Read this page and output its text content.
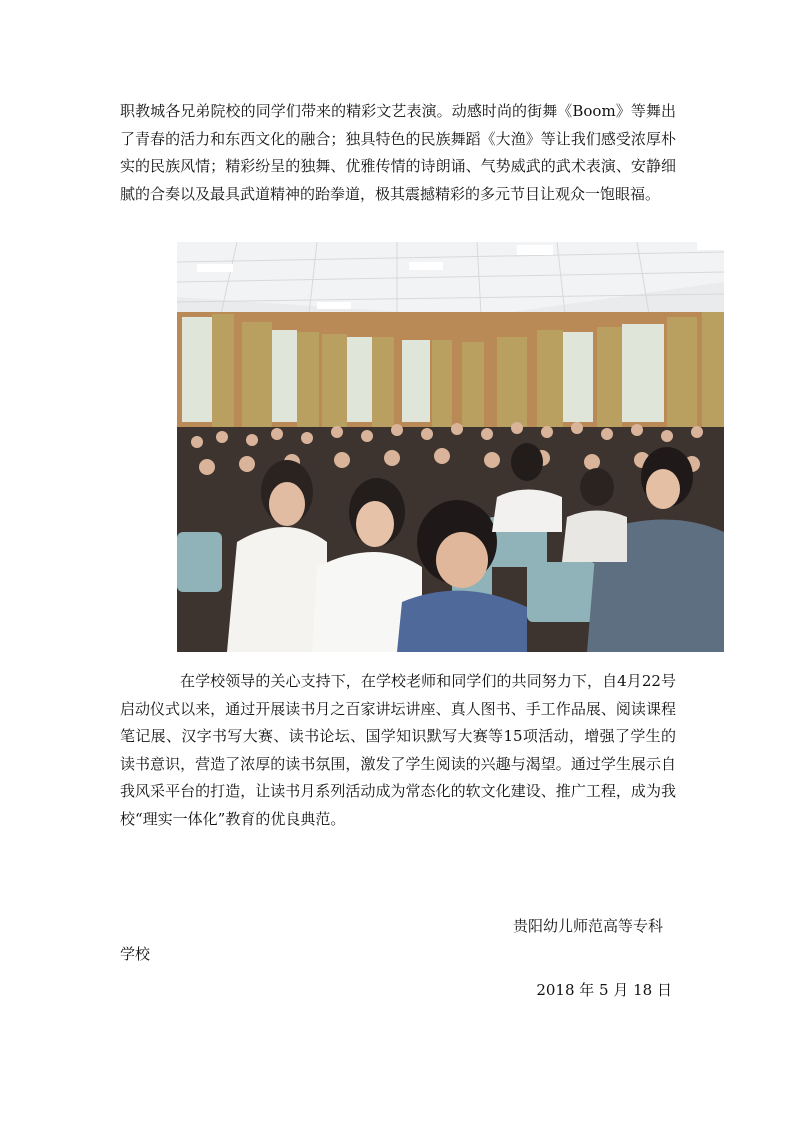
职教城各兄弟院校的同学们带来的精彩文艺表演。动感时尚的街舞《Boom》等舞出了青春的活力和东西文化的融合；独具特色的民族舞蹈《大渔》等让我们感受浓厚朴实的民族风情；精彩纷呈的独舞、优雅传情的诗朗诵、气势威武的武术表演、安静细腻的合奏以及最具武道精神的跆拳道，极其震撼精彩的多元节目让观众一饱眼福。

在学校领导的关心支持下，在学校老师和同学们的共同努力下，自4月22号启动仪式以来，通过开展读书月之百家讲坛讲座、真人图书、手工作品展、阅读课程笔记展、汉字书写大赛、读书论坛、国学知识默写大赛等15项活动，增强了学生的读书意识，营造了浓厚的读书氛围，激发了学生阅读的兴趣与渴望。通过学生展示自我风采平台的打造，让读书月系列活动成为常态化的软文化建设、推广工程，成为我校“理实一体化”教育的优良典范。

贵阳幼儿师范高等专科
学校
2018 年 5 月 18 日
